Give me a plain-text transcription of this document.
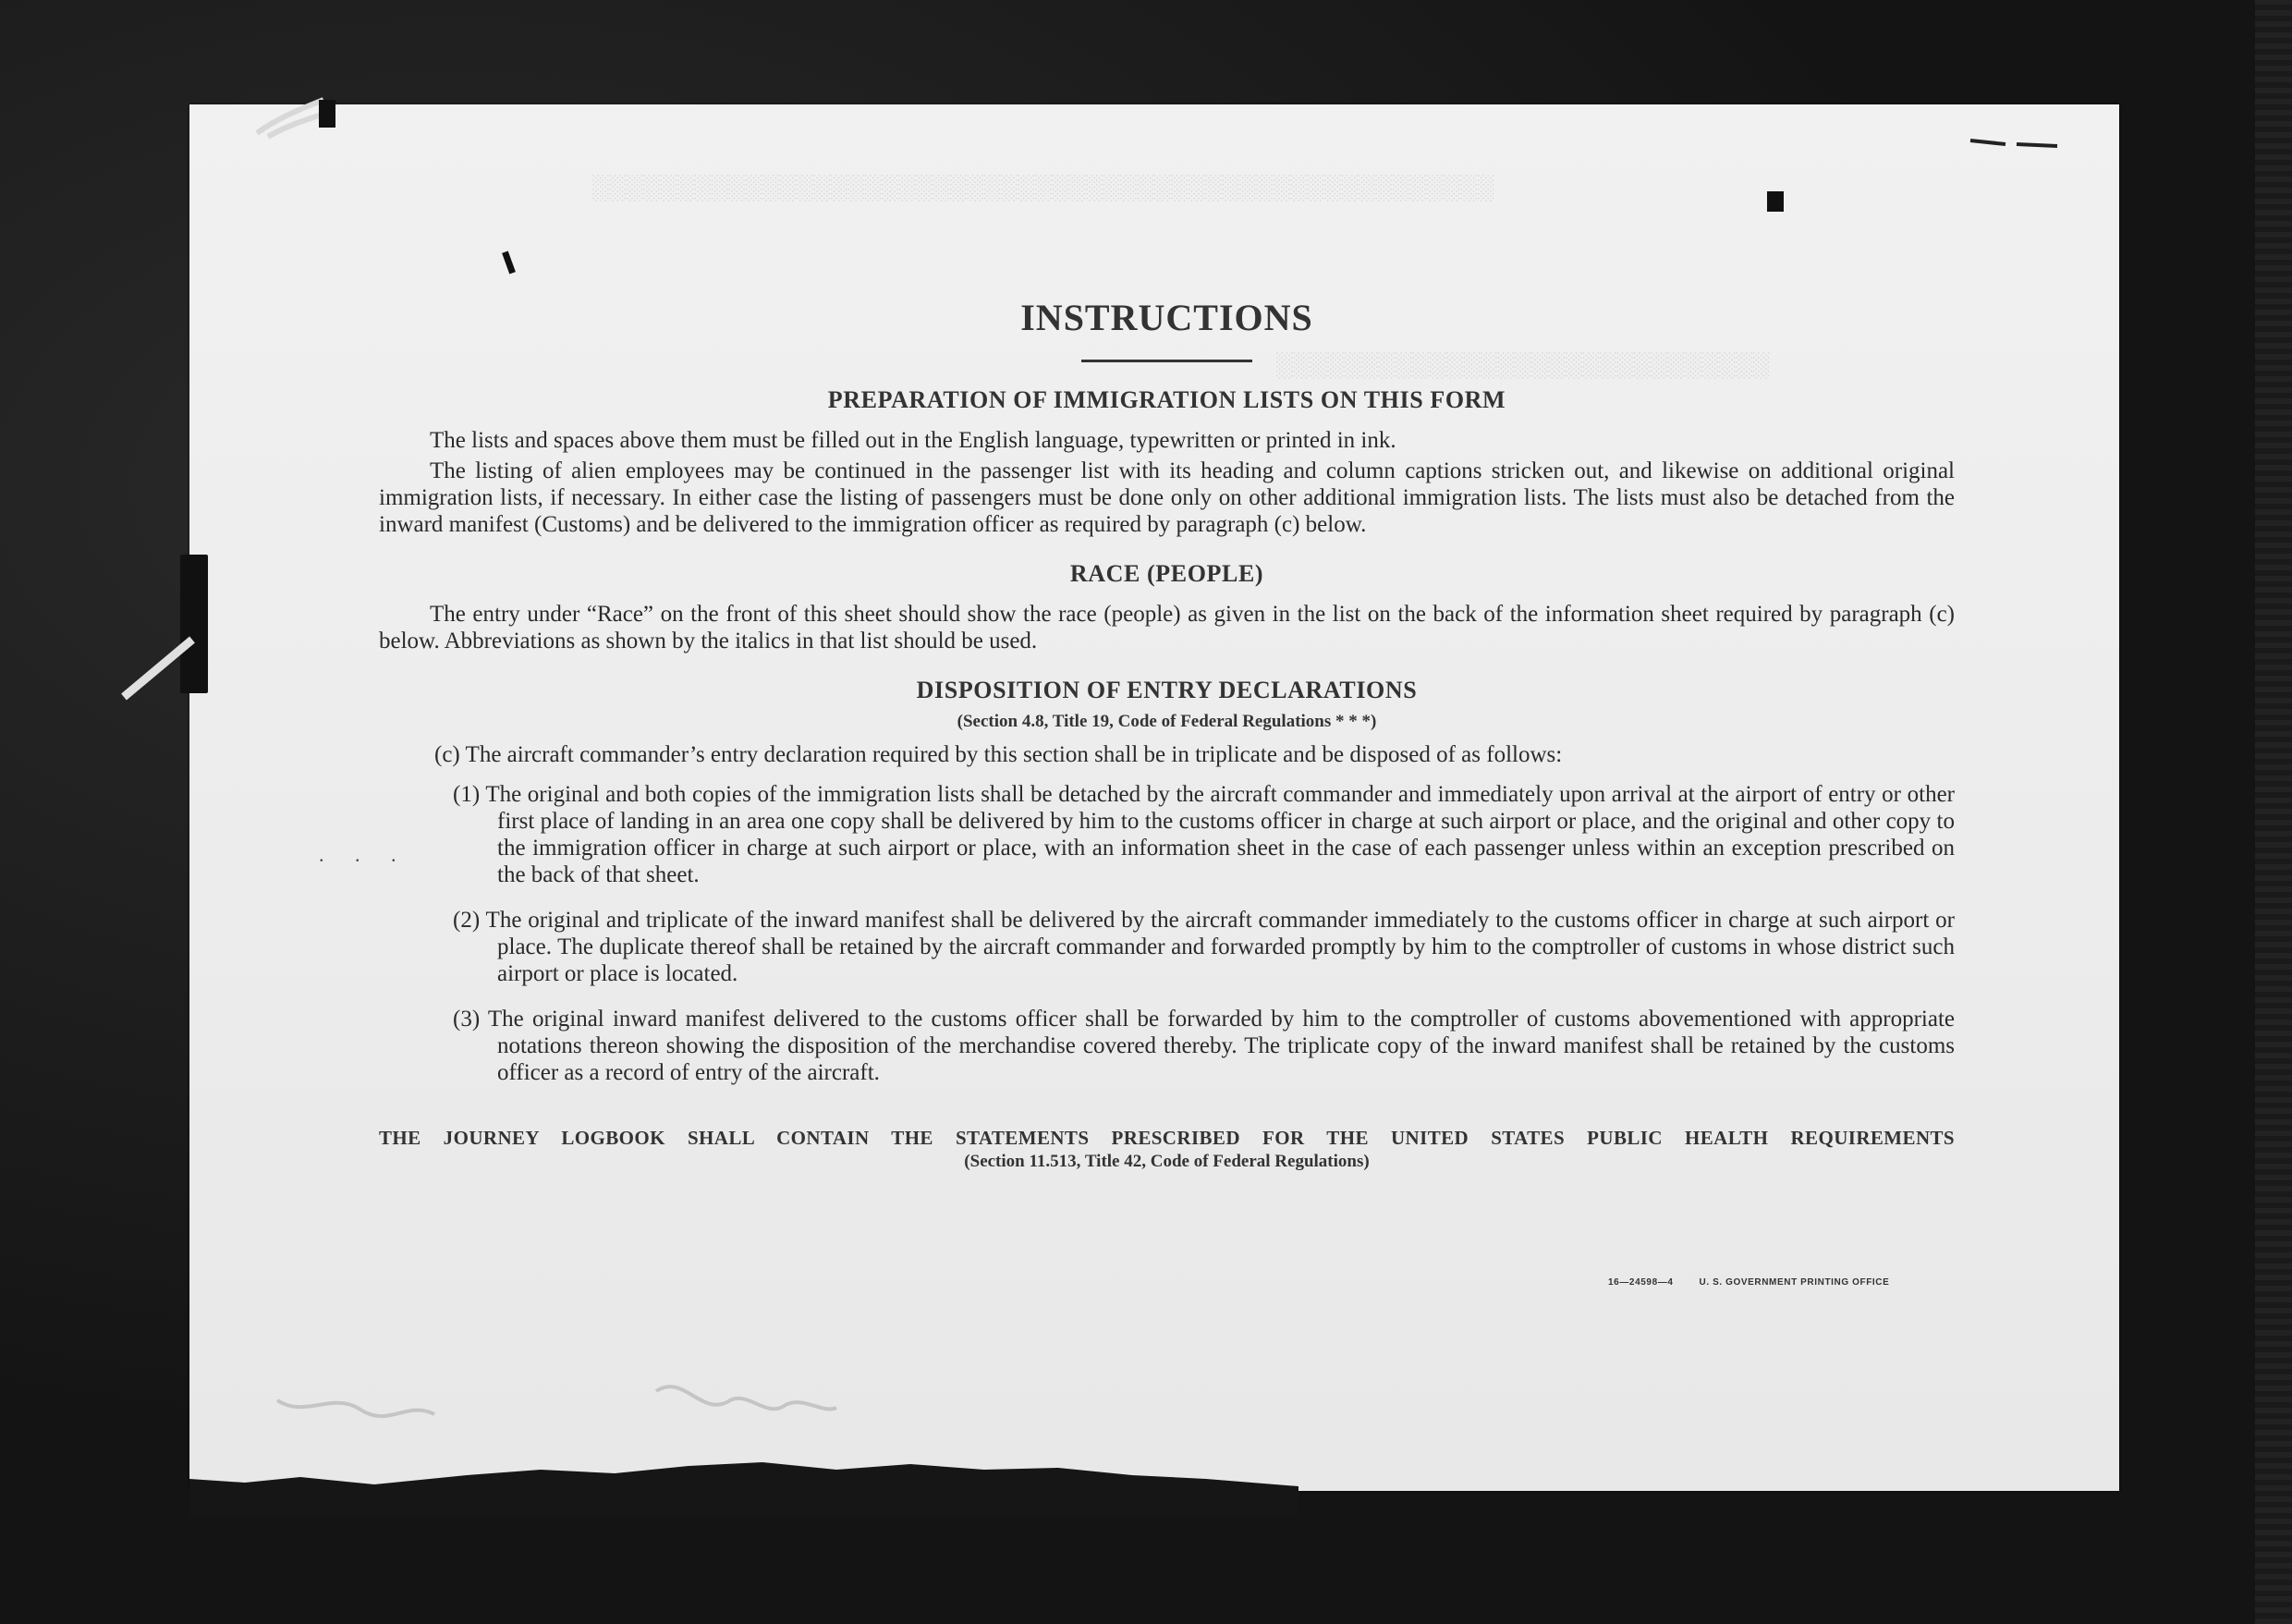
░░░░░░░░░░░░░░░░░░░░░░░░░░░░░░░░░░░░░░░░░░░░░░░░░░░░░
░░░░░░░░░░░░░░░░░░░░░░░░░░░░░
. . .
INSTRUCTIONS
PREPARATION OF IMMIGRATION LISTS ON THIS FORM

The lists and spaces above them must be filled out in the English language, typewritten or printed in ink.

The listing of alien employees may be continued in the passenger list with its heading and column captions stricken out, and likewise on additional original immigration lists, if necessary. In either case the listing of passengers must be done only on other additional immigration lists. The lists must also be detached from the inward manifest (Customs) and be delivered to the immigration officer as required by paragraph (c) below.

RACE (PEOPLE)

The entry under “Race” on the front of this sheet should show the race (people) as given in the list on the back of the information sheet required by paragraph (c) below. Abbreviations as shown by the italics in that list should be used.

DISPOSITION OF ENTRY DECLARATIONS
(Section 4.8, Title 19, Code of Federal Regulations * * *)
(c) The aircraft commander’s entry declaration required by this section shall be in triplicate and be disposed of as follows:
(1) The original and both copies of the immigration lists shall be detached by the aircraft commander and immediately upon arrival at the airport of entry or other first place of landing in an area one copy shall be delivered by him to the customs officer in charge at such airport or place, and the original and other copy to the immigration officer in charge at such airport or place, with an information sheet in the case of each passenger unless within an exception prescribed on the back of that sheet.
(2) The original and triplicate of the inward manifest shall be delivered by the aircraft commander immediately to the customs officer in charge at such airport or place. The duplicate thereof shall be retained by the aircraft commander and forwarded promptly by him to the comptroller of customs in whose district such airport or place is located.
(3) The original inward manifest delivered to the customs officer shall be forwarded by him to the comptroller of customs abovementioned with appropriate notations thereon showing the disposition of the merchandise covered thereby. The triplicate copy of the inward manifest shall be retained by the customs officer as a record of entry of the aircraft.
THE JOURNEY LOGBOOK SHALL CONTAIN THE STATEMENTS PRESCRIBED FOR THE UNITED STATES PUBLIC HEALTH REQUIREMENTS
(Section 11.513, Title 42, Code of Federal Regulations)
16—24598—4	U. S. GOVERNMENT PRINTING OFFICE
